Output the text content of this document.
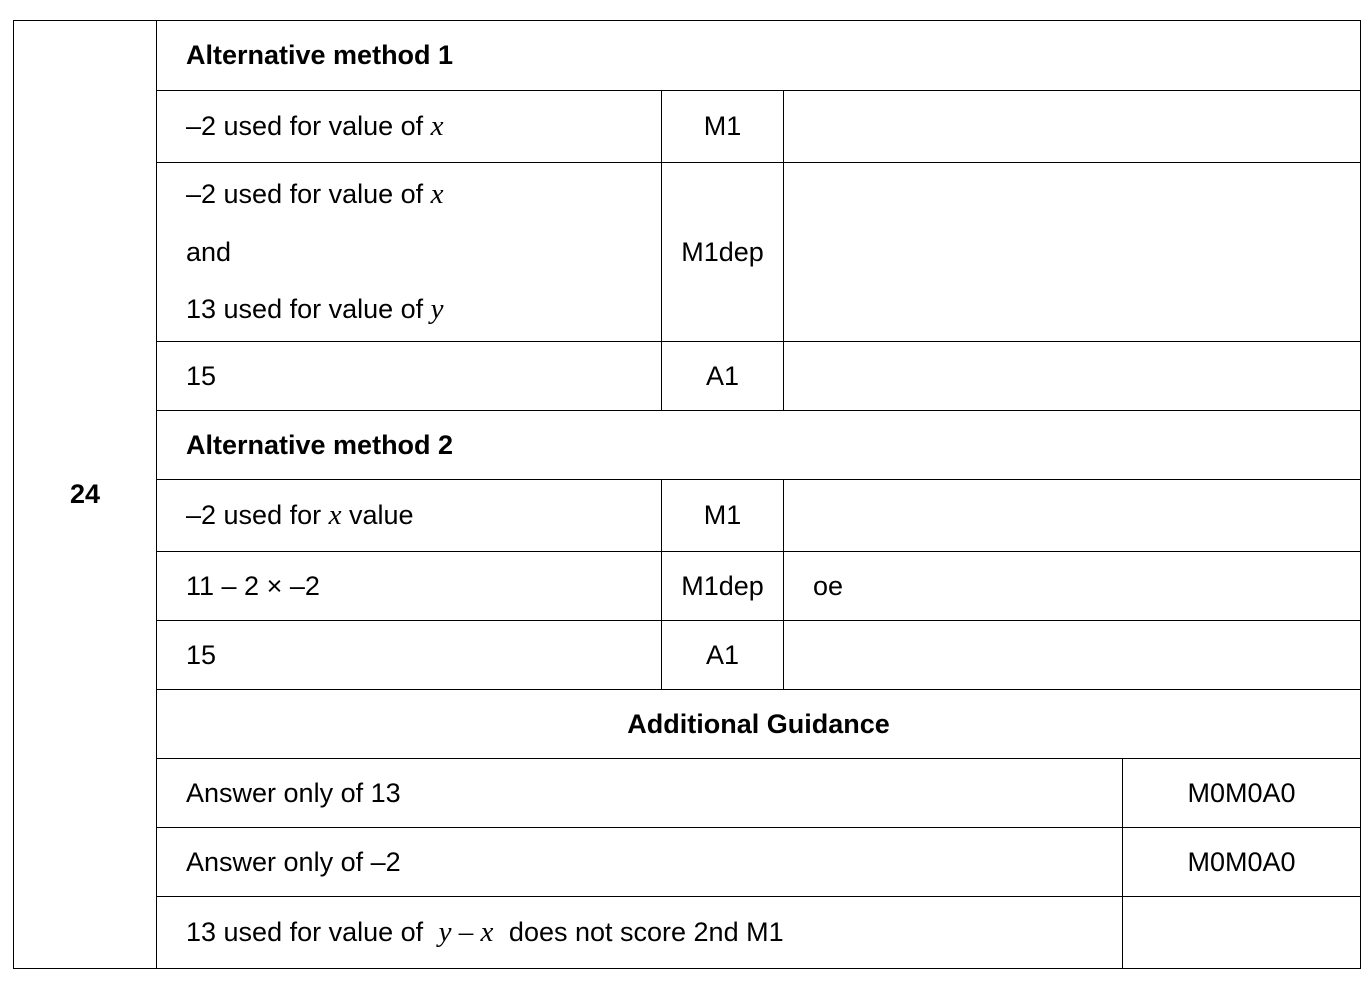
24	Alternative method 1			
	–2 used for value of x	M1		

	–2 used for value of x
and
13 used for value of y	M1dep		
	15	A1		
	Alternative method 2			
	–2 used for x value	M1		
	11 – 2 × –2	M1dep	oe	
	15	A1		
	Additional Guidance			
	Answer only of 13			M0M0A0
	Answer only of –2			M0M0A0
	13 used for value of y – x does not score 2nd M1			
